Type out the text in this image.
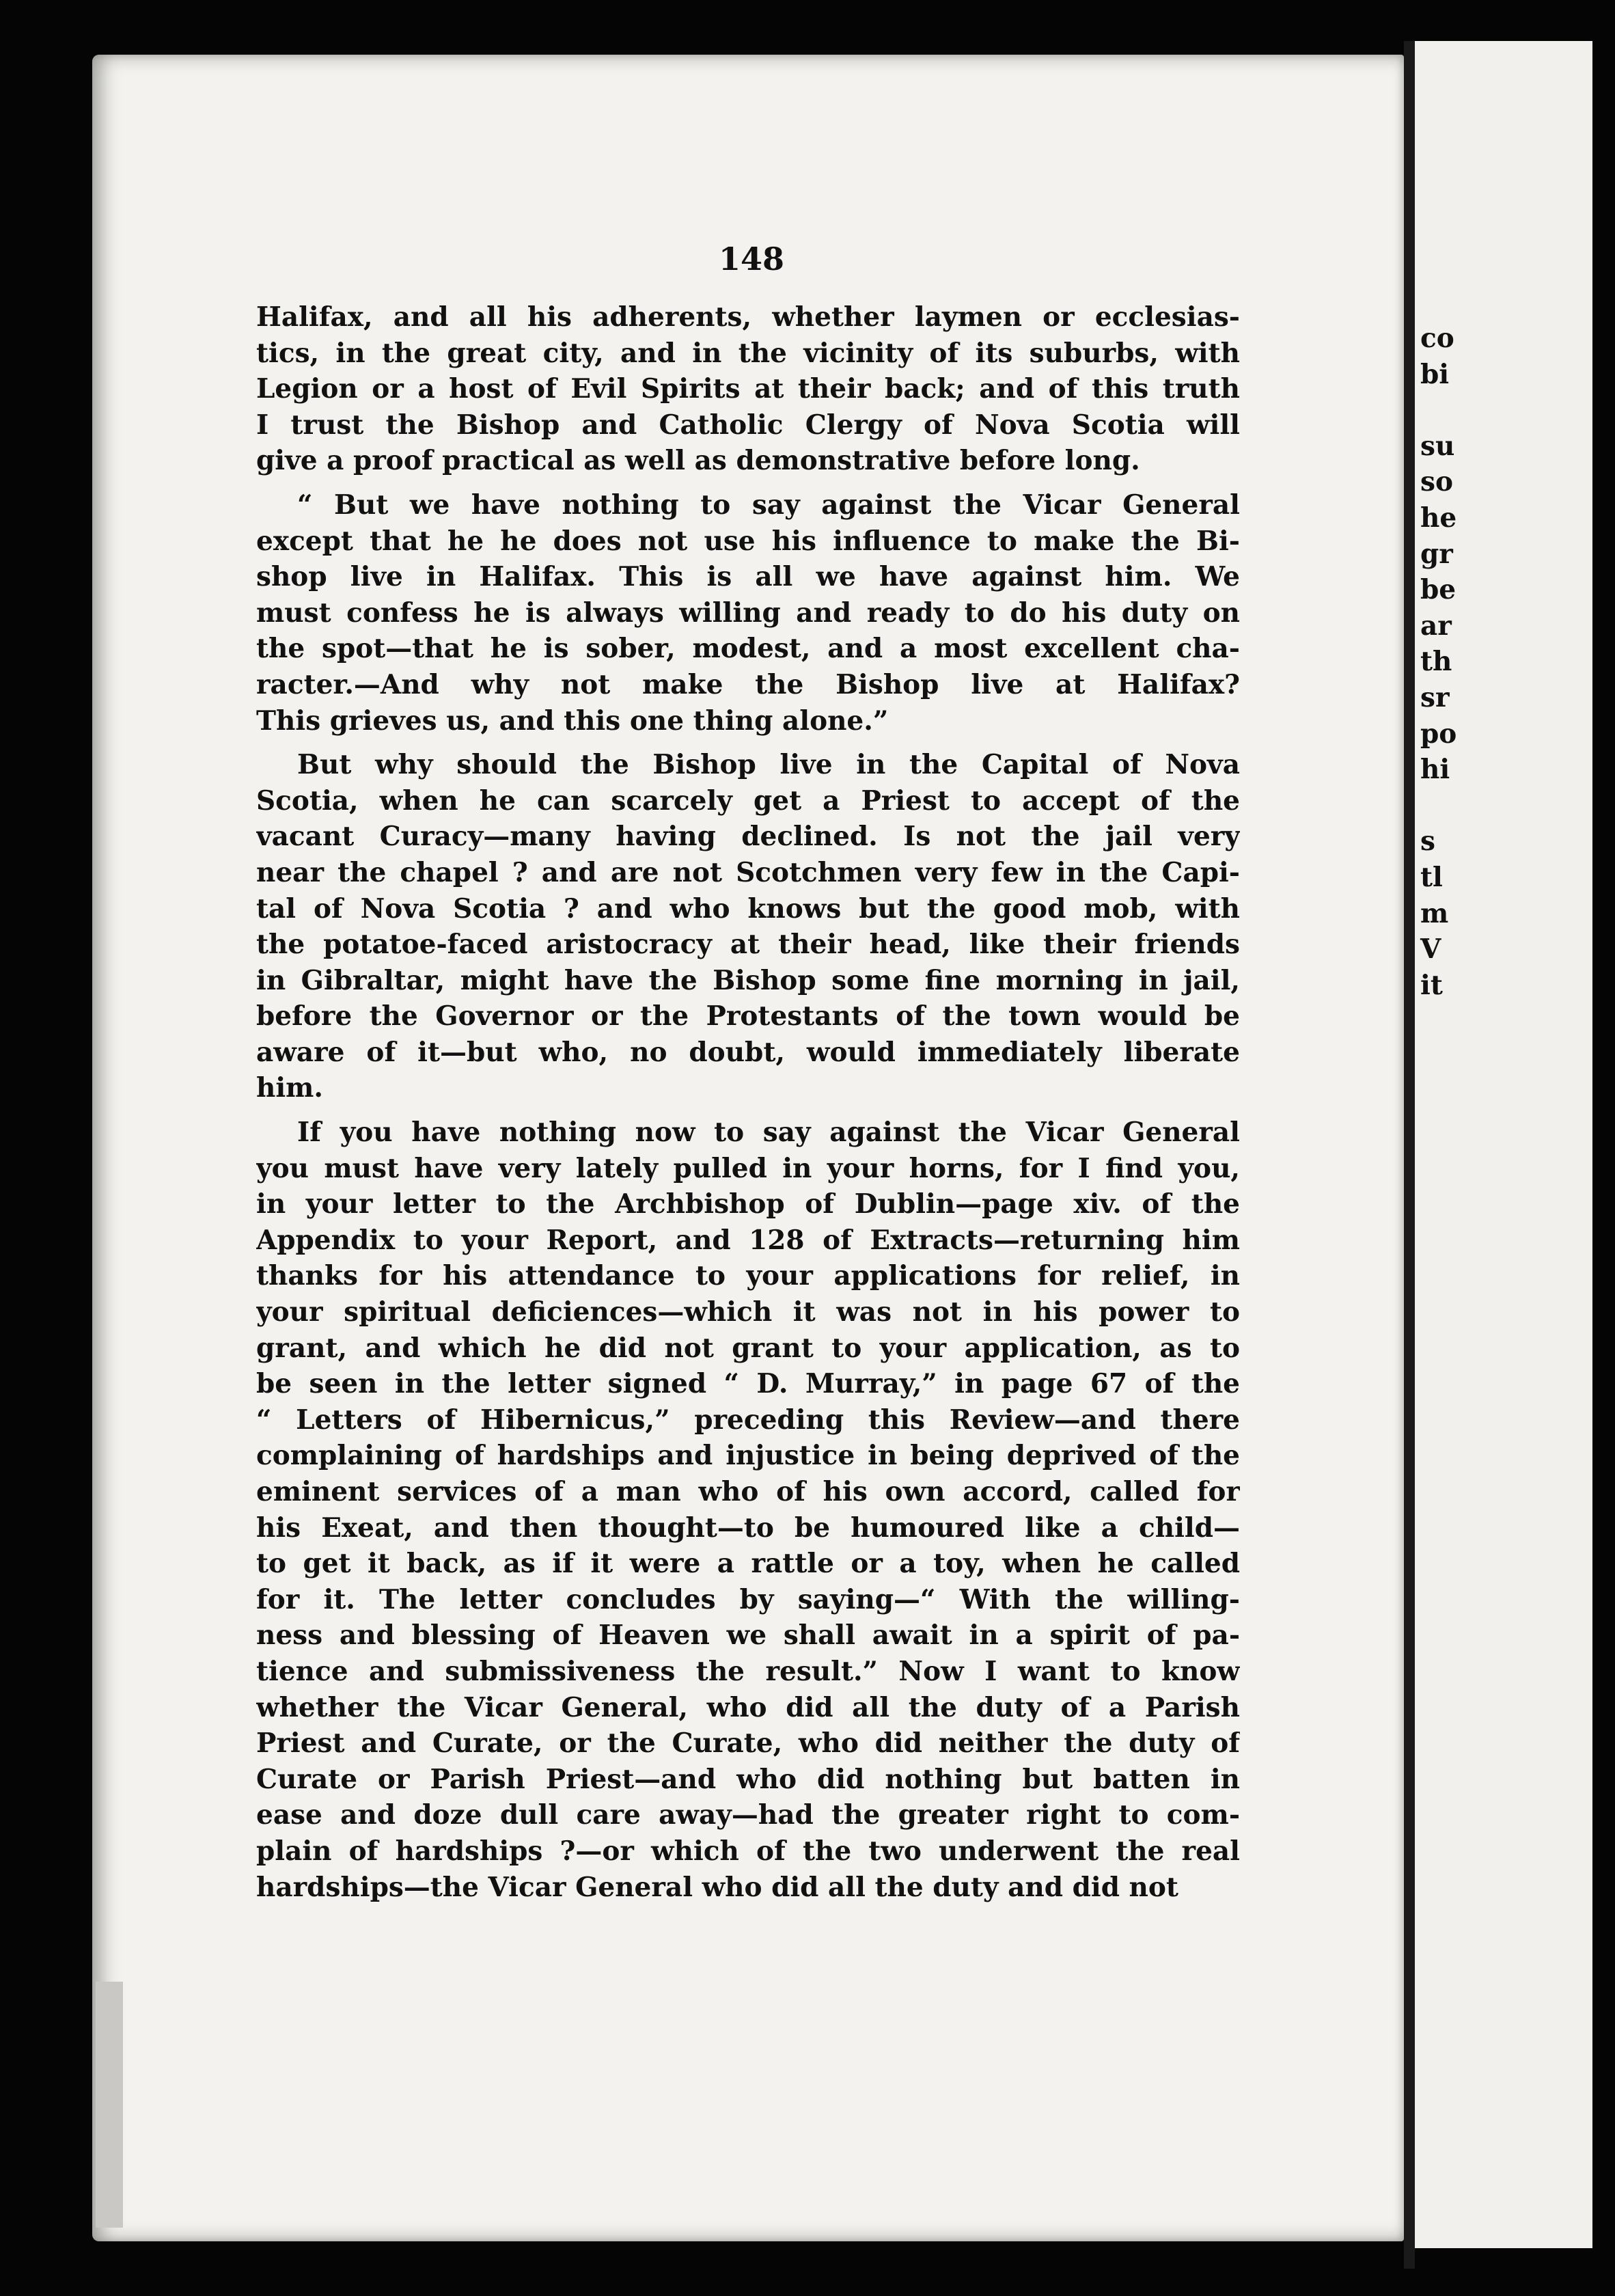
co
bi
su
so
he
gr
be
ar
th
sr
po
hi
s
tl
m
V
it
148
Halifax, and all his adherents, whether laymen or ecclesias-
tics, in the great city, and in the vicinity of its suburbs, with
Legion or a host of Evil Spirits at their back; and of this truth
I trust the Bishop and Catholic Clergy of Nova Scotia will
give a proof practical as well as demonstrative before long.
“ But we have nothing to say against the Vicar General
except that he he does not use his influence to make the Bi-
shop live in Halifax. This is all we have against him. We
must confess he is always willing and ready to do his duty on
the spot—that he is sober, modest, and a most excellent cha-
racter.—And why not make the Bishop live at Halifax?
This grieves us, and this one thing alone.”
But why should the Bishop live in the Capital of Nova
Scotia, when he can scarcely get a Priest to accept of the
vacant Curacy—many having declined. Is not the jail very
near the chapel ? and are not Scotchmen very few in the Capi-
tal of Nova Scotia ? and who knows but the good mob, with
the potatoe-faced aristocracy at their head, like their friends
in Gibraltar, might have the Bishop some fine morning in jail,
before the Governor or the Protestants of the town would be
aware of it—but who, no doubt, would immediately liberate
him.
If you have nothing now to say against the Vicar General
you must have very lately pulled in your horns, for I find you,
in your letter to the Archbishop of Dublin—page xiv. of the
Appendix to your Report, and 128 of Extracts—returning him
thanks for his attendance to your applications for relief, in
your spiritual deficiences—which it was not in his power to
grant, and which he did not grant to your application, as to
be seen in the letter signed “ D. Murray,” in page 67 of the
“ Letters of Hibernicus,” preceding this Review—and there
complaining of hardships and injustice in being deprived of the
eminent services of a man who of his own accord, called for
his Exeat, and then thought—to be humoured like a child—
to get it back, as if it were a rattle or a toy, when he called
for it. The letter concludes by saying—“ With the willing-
ness and blessing of Heaven we shall await in a spirit of pa-
tience and submissiveness the result.” Now I want to know
whether the Vicar General, who did all the duty of a Parish
Priest and Curate, or the Curate, who did neither the duty of
Curate or Parish Priest—and who did nothing but batten in
ease and doze dull care away—had the greater right to com-
plain of hardships ?—or which of the two underwent the real
hardships—the Vicar General who did all the duty and did not
